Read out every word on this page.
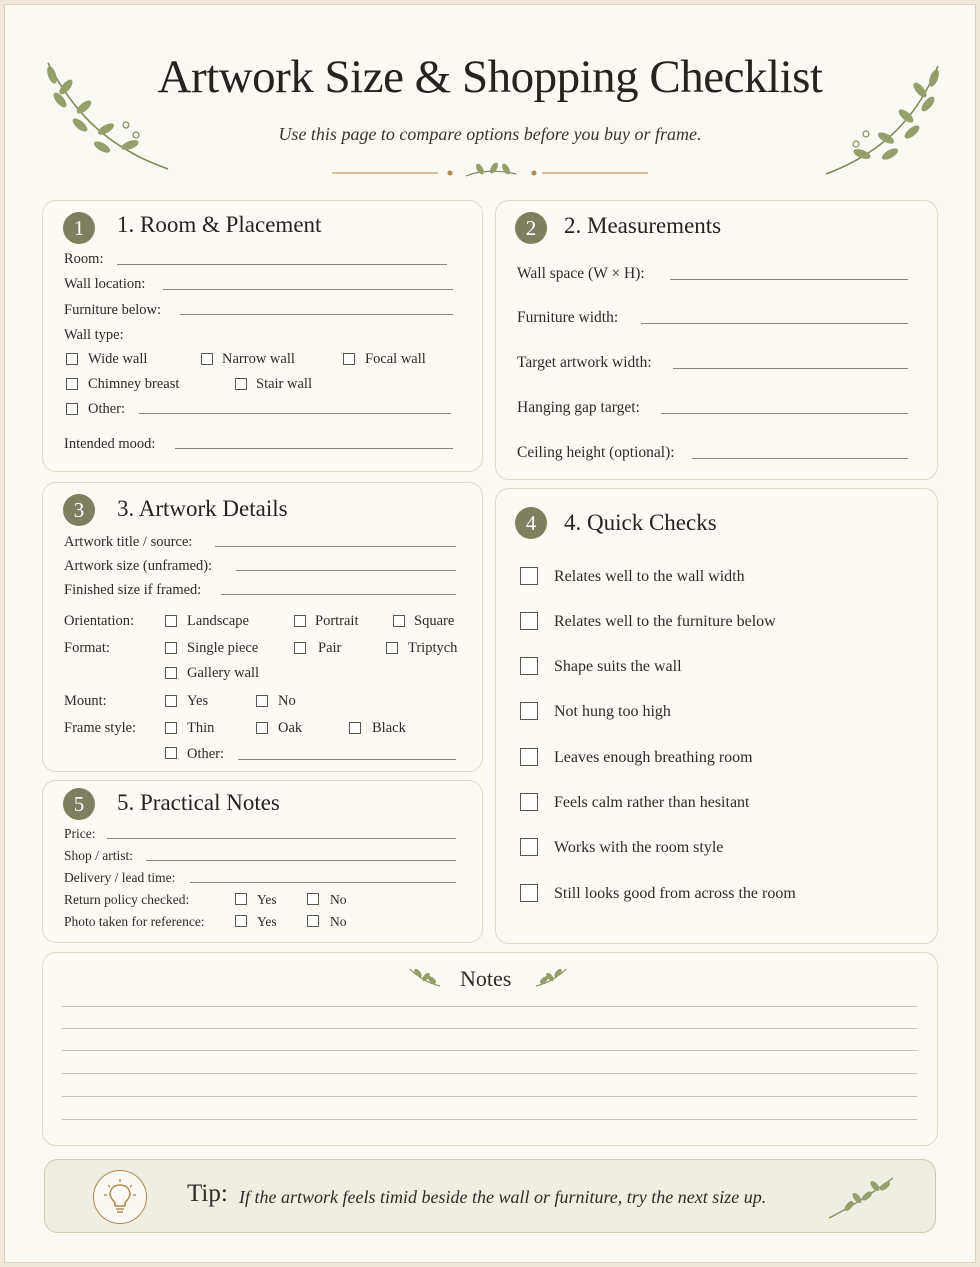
Artwork Size & Shopping Checklist
Use this page to compare options before you buy or frame.
1	1. Room & Placement
Room:
Wall location:
Furniture below:
Wall type:
Wide wall	Narrow wall	Focal wall
Chimney breast	Stair wall
Other:
Intended mood:
2	2. Measurements
Wall space (W × H):
Furniture width:
Target artwork width:
Hanging gap target:
Ceiling height (optional):
3	3. Artwork Details
Artwork title / source:
Artwork size (unframed):
Finished size if framed:
Orientation:	Landscape	Portrait	Square
Format:	Single piece	Pair	Triptych
Gallery wall
Mount:	Yes	No
Frame style:	Thin	Oak	Black
Other:
5	5. Practical Notes
Price:
Shop / artist:
Delivery / lead time:
Return policy checked:	Yes	No
Photo taken for reference:	Yes	No
4	4. Quick Checks
Relates well to the wall width
Relates well to the furniture below
Shape suits the wall
Not hung too high
Leaves enough breathing room
Feels calm rather than hesitant
Works with the room style
Still looks good from across the room
Notes
Tip: If the artwork feels timid beside the wall or furniture, try the next size up.
